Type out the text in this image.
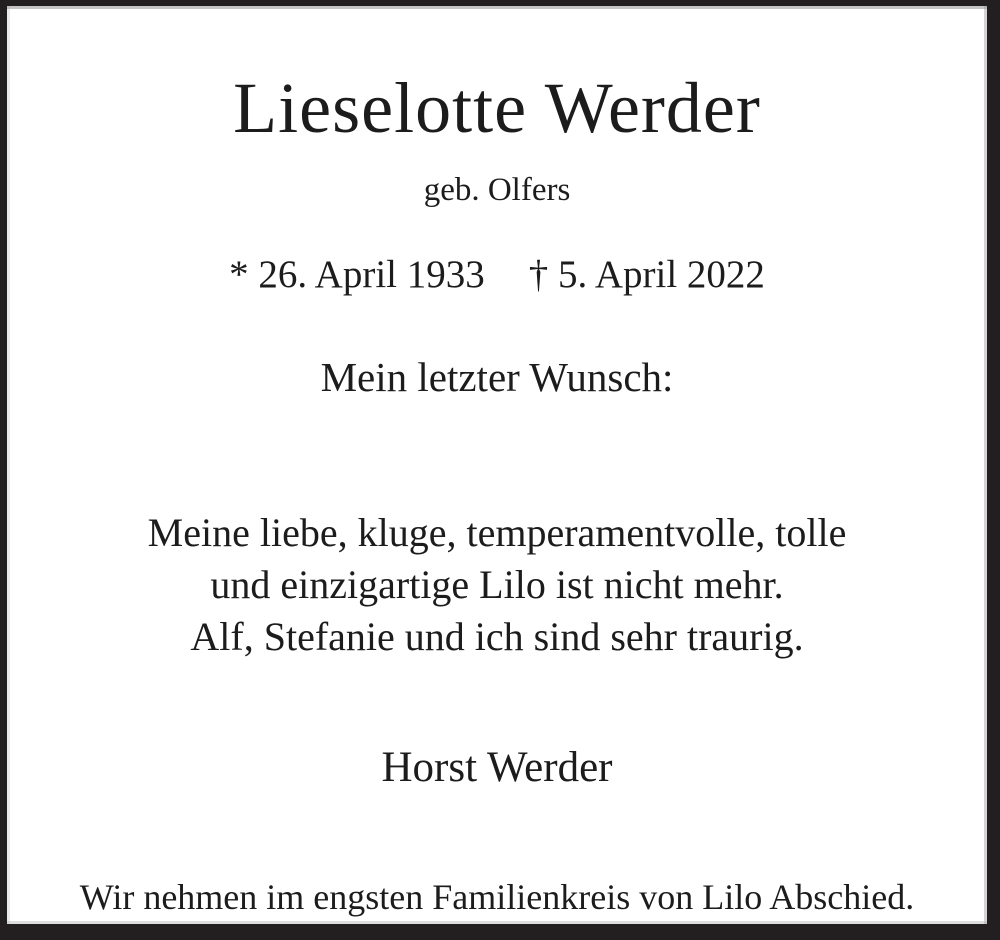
Lieselotte Werder
geb. Olfers
* 26. April 1933 † 5. April 2022
Mein letzter Wunsch:
Meine liebe, kluge, temperamentvolle, tolle
und einzigartige Lilo ist nicht mehr.
Alf, Stefanie und ich sind sehr traurig.
Horst Werder
Wir nehmen im engsten Familienkreis von Lilo Abschied.
